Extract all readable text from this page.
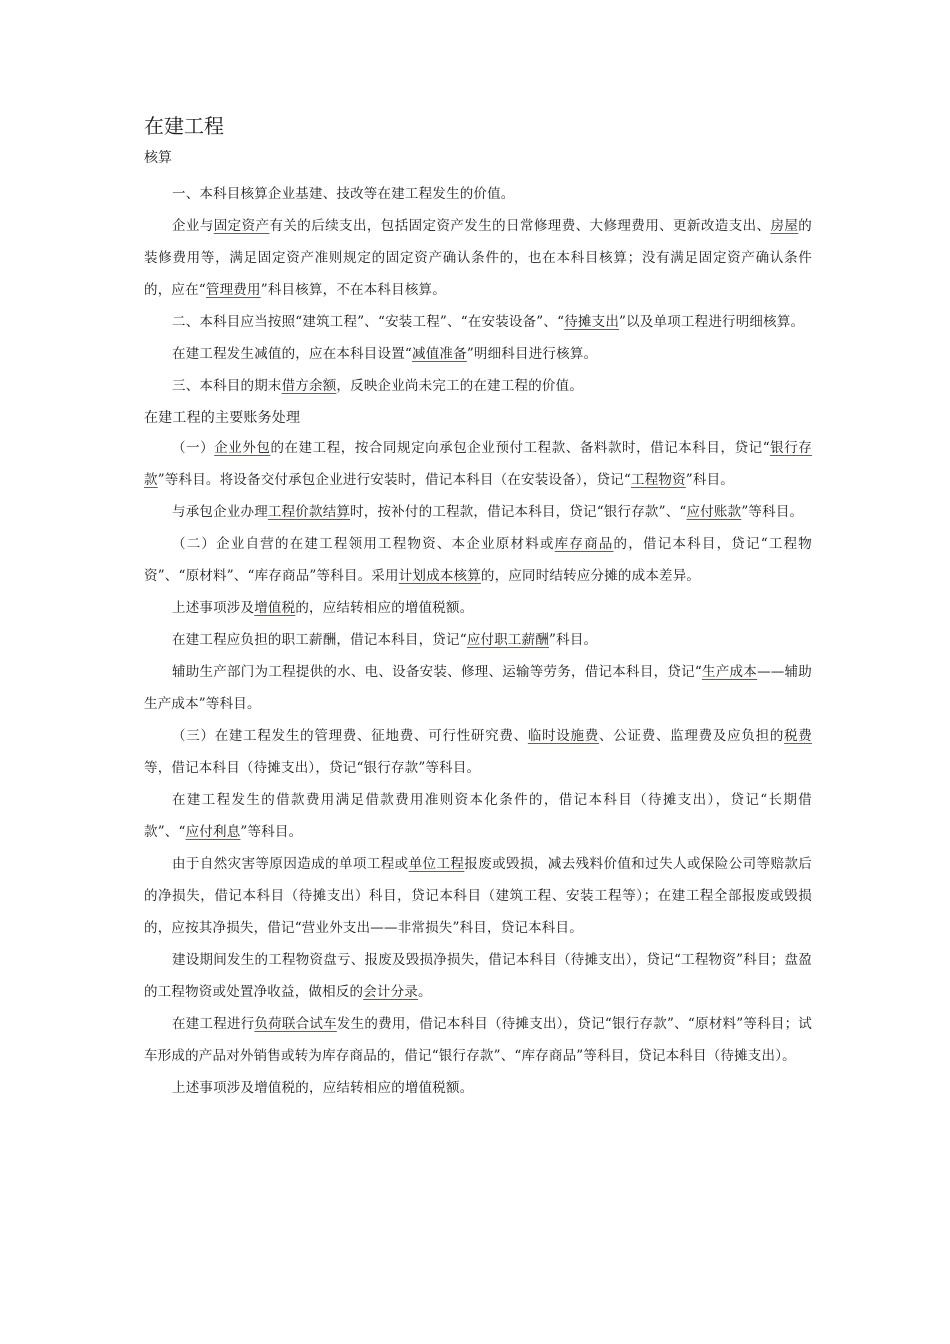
在建工程
核算

一、本科目核算企业基建、技改等在建工程发生的价值。

企业与固定资产有关的后续支出，包括固定资产发生的日常修理费、大修理费用、更新改造支出、房屋的装修费用等，满足固定资产准则规定的固定资产确认条件的，也在本科目核算；没有满足固定资产确认条件的，应在“管理费用”科目核算，不在本科目核算。

二、本科目应当按照“建筑工程”、“安装工程”、“在安装设备”、“待摊支出”以及单项工程进行明细核算。

在建工程发生减值的，应在本科目设置“减值准备”明细科目进行核算。

三、本科目的期末借方余额，反映企业尚未完工的在建工程的价值。

在建工程的主要账务处理

（一）企业外包的在建工程，按合同规定向承包企业预付工程款、备料款时，借记本科目，贷记“银行存款”等科目。将设备交付承包企业进行安装时，借记本科目（在安装设备），贷记“工程物资”科目。

与承包企业办理工程价款结算时，按补付的工程款，借记本科目，贷记“银行存款”、“应付账款”等科目。

（二）企业自营的在建工程领用工程物资、本企业原材料或库存商品的，借记本科目，贷记“工程物资”、“原材料”、“库存商品”等科目。采用计划成本核算的，应同时结转应分摊的成本差异。

上述事项涉及增值税的，应结转相应的增值税额。

在建工程应负担的职工薪酬，借记本科目，贷记“应付职工薪酬”科目。

辅助生产部门为工程提供的水、电、设备安装、修理、运输等劳务，借记本科目，贷记“生产成本——辅助生产成本”等科目。

（三）在建工程发生的管理费、征地费、可行性研究费、临时设施费、公证费、监理费及应负担的税费等，借记本科目（待摊支出），贷记“银行存款”等科目。

在建工程发生的借款费用满足借款费用准则资本化条件的，借记本科目（待摊支出），贷记“长期借款”、“应付利息”等科目。

由于自然灾害等原因造成的单项工程或单位工程报废或毁损，减去残料价值和过失人或保险公司等赔款后的净损失，借记本科目（待摊支出）科目，贷记本科目（建筑工程、安装工程等）；在建工程全部报废或毁损的，应按其净损失，借记“营业外支出——非常损失”科目，贷记本科目。

建设期间发生的工程物资盘亏、报废及毁损净损失，借记本科目（待摊支出），贷记“工程物资”科目；盘盈的工程物资或处置净收益，做相反的会计分录。

在建工程进行负荷联合试车发生的费用，借记本科目（待摊支出），贷记“银行存款”、“原材料”等科目；试车形成的产品对外销售或转为库存商品的，借记“银行存款”、“库存商品”等科目，贷记本科目（待摊支出）。

上述事项涉及增值税的，应结转相应的增值税额。
